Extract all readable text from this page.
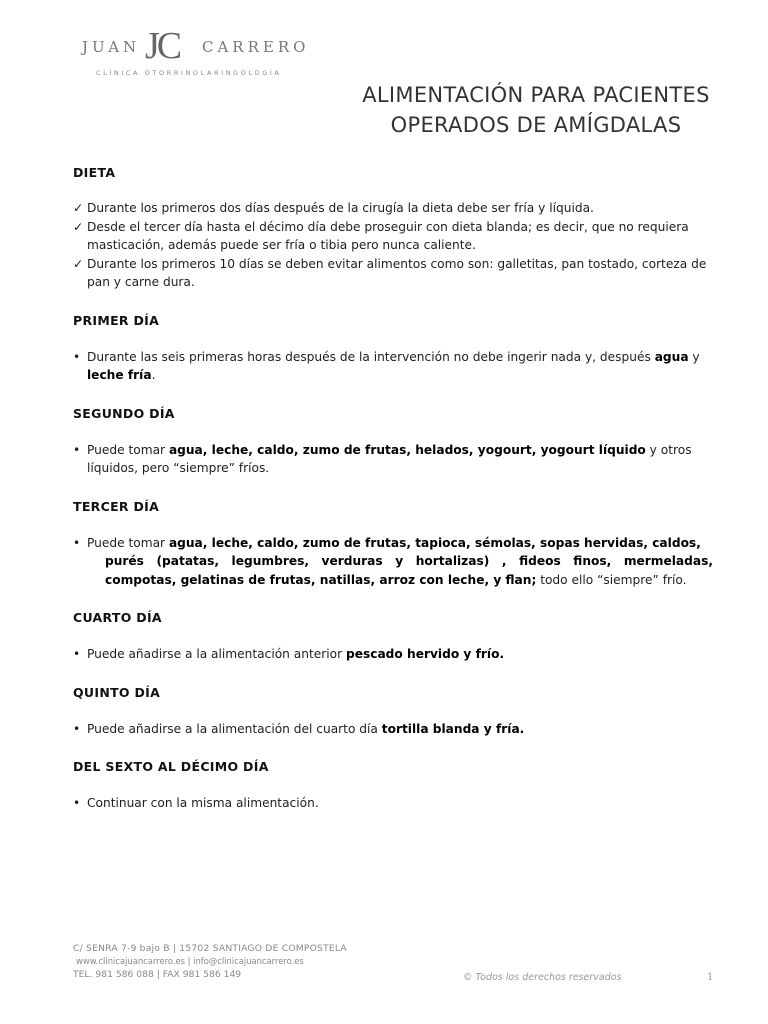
JUAN JC CARRERO
CLÍNICA OTORRINOLARINGOLOGÍA
ALIMENTACIÓN PARA PACIENTES
OPERADOS DE AMÍGDALAS
DIETA
✓ Durante los primeros dos días después de la cirugía la dieta debe ser fría y líquida.
✓ Desde el tercer día hasta el décimo día debe proseguir con dieta blanda; es decir, que no requiera masticación, además puede ser fría o tibia pero nunca caliente.
✓ Durante los primeros 10 días se deben evitar alimentos como son: galletitas, pan tostado, corteza de pan y carne dura.
PRIMER DÍA
• Durante las seis primeras horas después de la intervención no debe ingerir nada y, después agua y leche fría.
SEGUNDO DÍA
• Puede tomar agua, leche, caldo, zumo de frutas, helados, yogourt, yogourt líquido y otros líquidos, pero “siempre” fríos.
TERCER DÍA
• Puede tomar agua, leche, caldo, zumo de frutas, tapioca, sémolas, sopas hervidas, caldos,

purés (patatas, legumbres, verduras y hortalizas) , fideos finos, mermeladas, compotas, gelatinas de frutas, natillas, arroz con leche, y flan; todo ello “siempre” frío.
CUARTO DÍA
• Puede añadirse a la alimentación anterior pescado hervido y frío.
QUINTO DÍA
• Puede añadirse a la alimentación del cuarto día tortilla blanda y fría.
DEL SEXTO AL DÉCIMO DÍA
• Continuar con la misma alimentación.
C/ SENRA 7-9 bajo B | 15702 SANTIAGO DE COMPOSTELA
www.clinicajuancarrero.es | info@clinicajuancarrero.es
TEL. 981 586 088 | FAX 981 586 149	© Todos los derechos reservados	1
